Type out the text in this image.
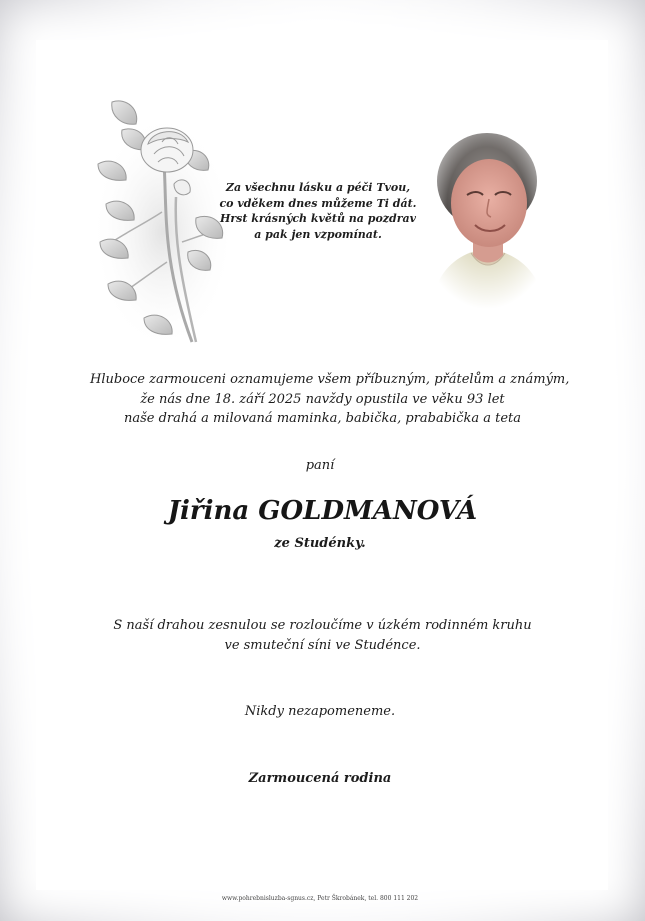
Za všechnu lásku a péči Tvou,
co vděkem dnes můžeme Ti dát.
Hrst krásných květů na pozdrav
a pak jen vzpomínat.
Hluboce zarmouceni oznamujeme všem příbuzným, přátelům a známým,
že nás dne 18. září 2025 navždy opustila ve věku 93 let
naše drahá a milovaná maminka, babička, prababička a teta
paní
Jiřina GOLDMANOVÁ
ze Studénky.
S naší drahou zesnulou se rozloučíme v úzkém rodinném kruhu
ve smuteční síni ve Studénce.
Nikdy nezapomeneme.
Zarmoucená rodina
www.pohrebnisluzba-sgnus.cz, Petr Škrobánek, tel. 800 111 202
